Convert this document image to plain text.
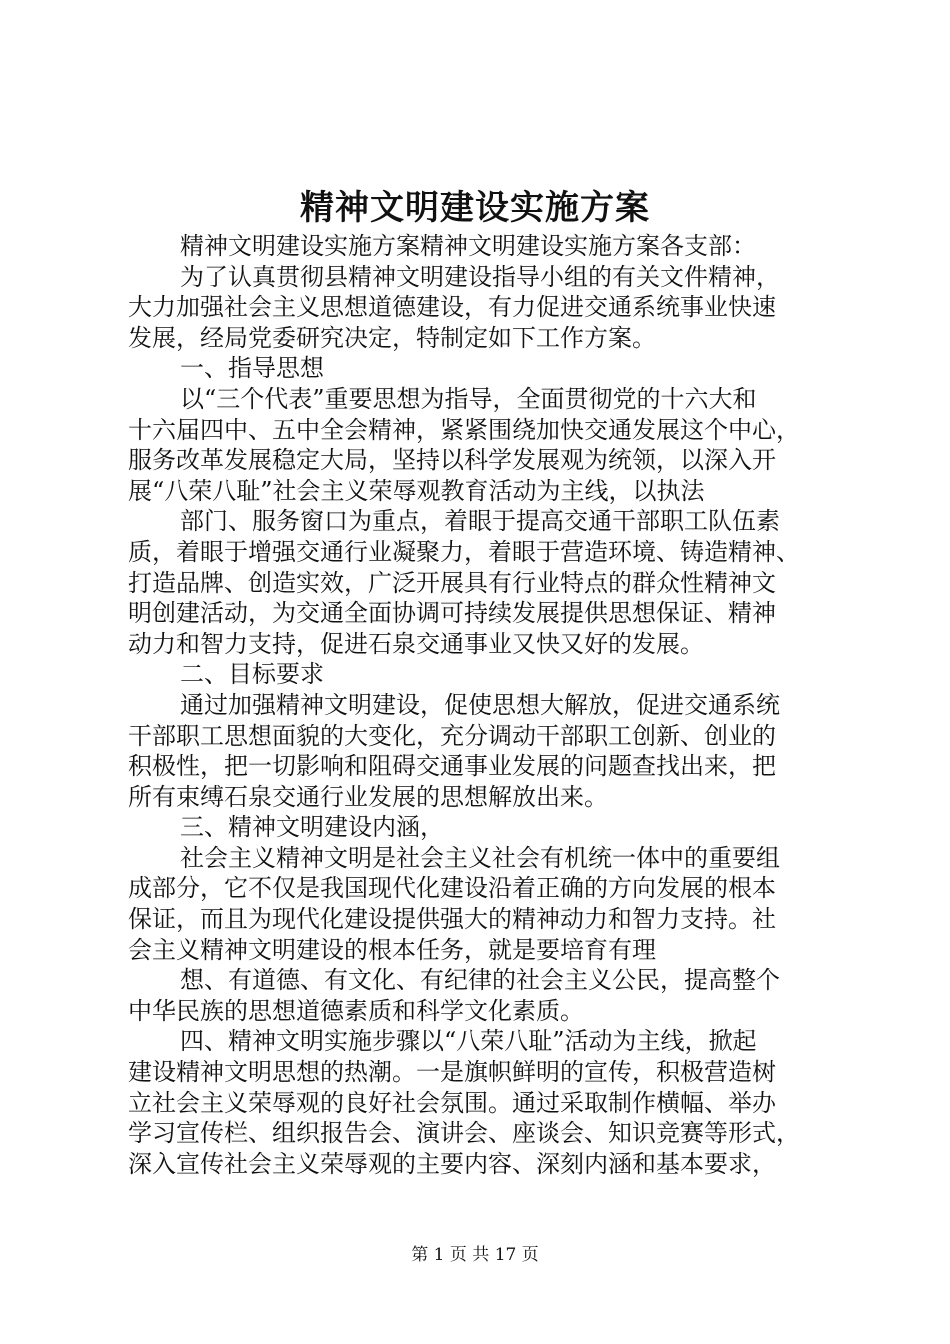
精神文明建设实施方案
精神文明建设实施方案精神文明建设实施方案各支部：
为了认真贯彻县精神文明建设指导小组的有关文件精神，
大力加强社会主义思想道德建设，有力促进交通系统事业快速
发展，经局党委研究决定，特制定如下工作方案。
一、指导思想
以“三个代表”重要思想为指导，全面贯彻党的十六大和
十六届四中、五中全会精神，紧紧围绕加快交通发展这个中心，
服务改革发展稳定大局，坚持以科学发展观为统领，以深入开
展“八荣八耻”社会主义荣辱观教育活动为主线，以执法
部门、服务窗口为重点，着眼于提高交通干部职工队伍素
质，着眼于增强交通行业凝聚力，着眼于营造环境、铸造精神、
打造品牌、创造实效，广泛开展具有行业特点的群众性精神文
明创建活动，为交通全面协调可持续发展提供思想保证、精神
动力和智力支持，促进石泉交通事业又快又好的发展。
二、目标要求
通过加强精神文明建设，促使思想大解放，促进交通系统
干部职工思想面貌的大变化，充分调动干部职工创新、创业的
积极性，把一切影响和阻碍交通事业发展的问题查找出来，把
所有束缚石泉交通行业发展的思想解放出来。
三、精神文明建设内涵，
社会主义精神文明是社会主义社会有机统一体中的重要组
成部分，它不仅是我国现代化建设沿着正确的方向发展的根本
保证，而且为现代化建设提供强大的精神动力和智力支持。社
会主义精神文明建设的根本任务，就是要培育有理
想、有道德、有文化、有纪律的社会主义公民，提高整个
中华民族的思想道德素质和科学文化素质。
四、精神文明实施步骤以“八荣八耻”活动为主线，掀起
建设精神文明思想的热潮。一是旗帜鲜明的宣传，积极营造树
立社会主义荣辱观的良好社会氛围。通过采取制作横幅、举办
学习宣传栏、组织报告会、演讲会、座谈会、知识竞赛等形式，
深入宣传社会主义荣辱观的主要内容、深刻内涵和基本要求，
第 1 页 共 17 页
